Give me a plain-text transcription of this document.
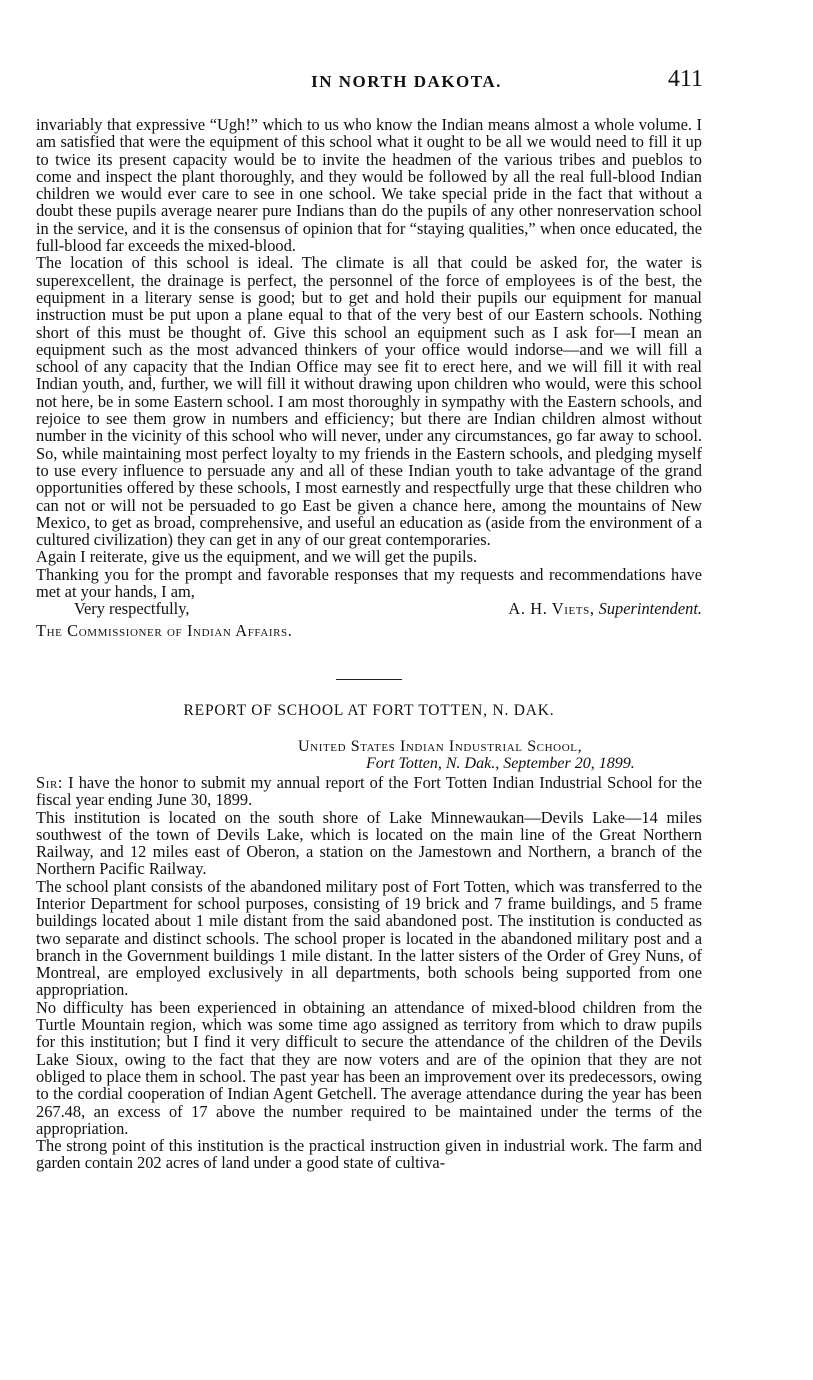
IN NORTH DAKOTA.	411

invariably that expressive “Ugh!” which to us who know the Indian means almost a whole volume. I am satisfied that were the equipment of this school what it ought to be all we would need to fill it up to twice its present capacity would be to invite the headmen of the various tribes and pueblos to come and inspect the plant thoroughly, and they would be followed by all the real full-blood Indian children we would ever care to see in one school. We take special pride in the fact that without a doubt these pupils average nearer pure Indians than do the pupils of any other nonreservation school in the service, and it is the consensus of opinion that for “staying qualities,” when once educated, the full-blood far exceeds the mixed-blood.

The location of this school is ideal. The climate is all that could be asked for, the water is superexcellent, the drainage is perfect, the personnel of the force of employees is of the best, the equipment in a literary sense is good; but to get and hold their pupils our equipment for manual instruction must be put upon a plane equal to that of the very best of our Eastern schools. Nothing short of this must be thought of. Give this school an equipment such as I ask for—I mean an equipment such as the most advanced thinkers of your office would indorse—and we will fill a school of any capacity that the Indian Office may see fit to erect here, and we will fill it with real Indian youth, and, further, we will fill it without drawing upon children who would, were this school not here, be in some Eastern school. I am most thoroughly in sympathy with the Eastern schools, and rejoice to see them grow in numbers and efficiency; but there are Indian children almost without number in the vicinity of this school who will never, under any circumstances, go far away to school. So, while maintaining most perfect loyalty to my friends in the Eastern schools, and pledging myself to use every influence to persuade any and all of these Indian youth to take advantage of the grand opportunities offered by these schools, I most earnestly and respectfully urge that these children who can not or will not be persuaded to go East be given a chance here, among the mountains of New Mexico, to get as broad, comprehensive, and useful an education as (aside from the environment of a cultured civilization) they can get in any of our great contemporaries.

Again I reiterate, give us the equipment, and we will get the pupils.

Thanking you for the prompt and favorable responses that my requests and recommendations have met at your hands, I am,

Very respectfully,	A. H. Viets, Superintendent.

The Commissioner of Indian Affairs.

REPORT OF SCHOOL AT FORT TOTTEN, N. DAK.
United States Indian Industrial School,
Fort Totten, N. Dak., September 20, 1899.

Sir: I have the honor to submit my annual report of the Fort Totten Indian Industrial School for the fiscal year ending June 30, 1899.

This institution is located on the south shore of Lake Minnewaukan—Devils Lake—14 miles southwest of the town of Devils Lake, which is located on the main line of the Great Northern Railway, and 12 miles east of Oberon, a station on the Jamestown and Northern, a branch of the Northern Pacific Railway.

The school plant consists of the abandoned military post of Fort Totten, which was transferred to the Interior Department for school purposes, consisting of 19 brick and 7 frame buildings, and 5 frame buildings located about 1 mile distant from the said abandoned post. The institution is conducted as two separate and distinct schools. The school proper is located in the abandoned military post and a branch in the Government buildings 1 mile distant. In the latter sisters of the Order of Grey Nuns, of Montreal, are employed exclusively in all departments, both schools being supported from one appropriation.

No difficulty has been experienced in obtaining an attendance of mixed-blood children from the Turtle Mountain region, which was some time ago assigned as territory from which to draw pupils for this institution; but I find it very difficult to secure the attendance of the children of the Devils Lake Sioux, owing to the fact that they are now voters and are of the opinion that they are not obliged to place them in school. The past year has been an improvement over its predecessors, owing to the cordial cooperation of Indian Agent Getchell. The average attendance during the year has been 267.48, an excess of 17 above the number required to be maintained under the terms of the appropriation.

The strong point of this institution is the practical instruction given in industrial work. The farm and garden contain 202 acres of land under a good state of cultiva-
